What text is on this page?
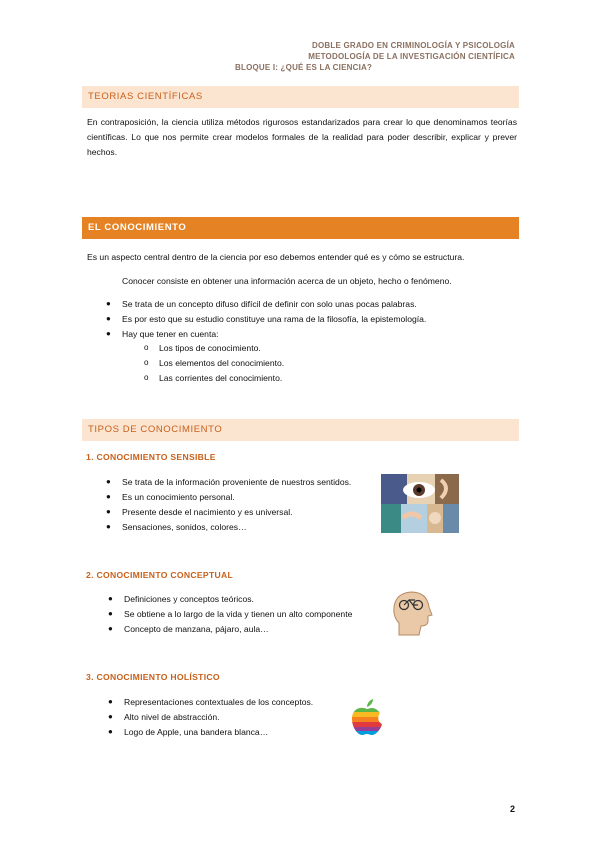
DOBLE GRADO EN CRIMINOLOGÍA Y PSICOLOGÍA
METODOLOGÍA DE LA INVESTIGACIÓN CIENTÍFICA
BLOQUE I: ¿QUÉ ES LA CIENCIA?
TEORIAS CIENTÍFICAS
En contraposición, la ciencia utiliza métodos rigurosos estandarizados para crear lo que denominamos teorías científicas. Lo que nos permite crear modelos formales de la realidad para poder describir, explicar y prever hechos.
EL CONOCIMIENTO
Es un aspecto central dentro de la ciencia por eso debemos entender qué es y cómo se estructura.
Conocer consiste en obtener una información acerca de un objeto, hecho o fenómeno.
● Se trata de un concepto difuso difícil de definir con solo unas pocas palabras.
● Es por esto que su estudio constituye una rama de la filosofía, la epistemología.
● Hay que tener en cuenta:
o Los tipos de conocimiento.
o Los elementos del conocimiento.
o Las corrientes del conocimiento.
TIPOS DE CONOCIMIENTO
1. CONOCIMIENTO SENSIBLE
● Se trata de la información proveniente de nuestros sentidos.
● Es un conocimiento personal.
● Presente desde el nacimiento y es universal.
● Sensaciones, sonidos, colores…
2. CONOCIMIENTO CONCEPTUAL
● Definiciones y conceptos teóricos.
● Se obtiene a lo largo de la vida y tienen un alto componente
● Concepto de manzana, pájaro, aula…
3. CONOCIMIENTO HOLÍSTICO
● Representaciones contextuales de los conceptos.
● Alto nivel de abstracción.
● Logo de Apple, una bandera blanca…
2
